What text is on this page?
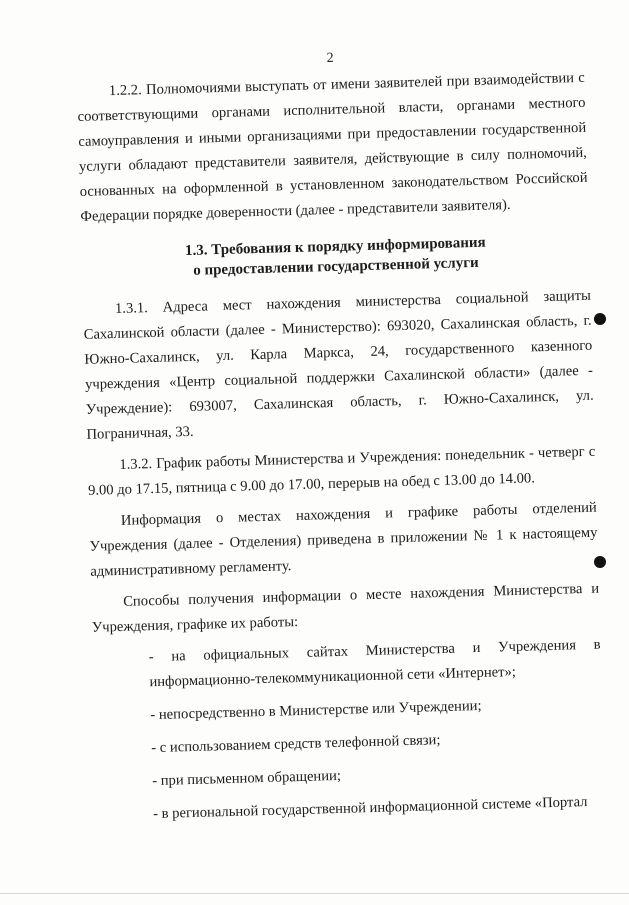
2

1.2.2. Полномочиями выступать от имени заявителей при взаимодействии с соответствующими органами исполнительной власти, органами местного самоуправления и иными организациями при предоставлении государственной услуги обладают представители заявителя, действующие в силу полномочий, основанных на оформленной в установленном законодательством Российской Федерации порядке доверенности (далее - представители заявителя).

1.3. Требования к порядку информирования
о предоставлении государственной услуги

1.3.1. Адреса мест нахождения министерства социальной защиты Сахалинской области (далее - Министерство): 693020, Сахалинская область, г. Южно-Сахалинск, ул. Карла Маркса, 24, государственного казенного учреждения «Центр социальной поддержки Сахалинской области» (далее - Учреждение): 693007, Сахалинская область, г. Южно-Сахалинск, ул. Пограничная, 33.

1.3.2. График работы Министерства и Учреждения: понедельник - четверг с 9.00 до 17.15, пятница с 9.00 до 17.00, перерыв на обед с 13.00 до 14.00.

Информация о местах нахождения и графике работы отделений Учреждения (далее - Отделения) приведена в приложении № 1 к настоящему административному регламенту.

Способы получения информации о месте нахождения Министерства и Учреждения, графике их работы:

- на официальных сайтах Министерства и Учреждения в информационно-телекоммуникационной сети «Интернет»;
- непосредственно в Министерстве или Учреждении;
- с использованием средств телефонной связи;
- при письменном обращении;
- в региональной государственной информационной системе «Портал
